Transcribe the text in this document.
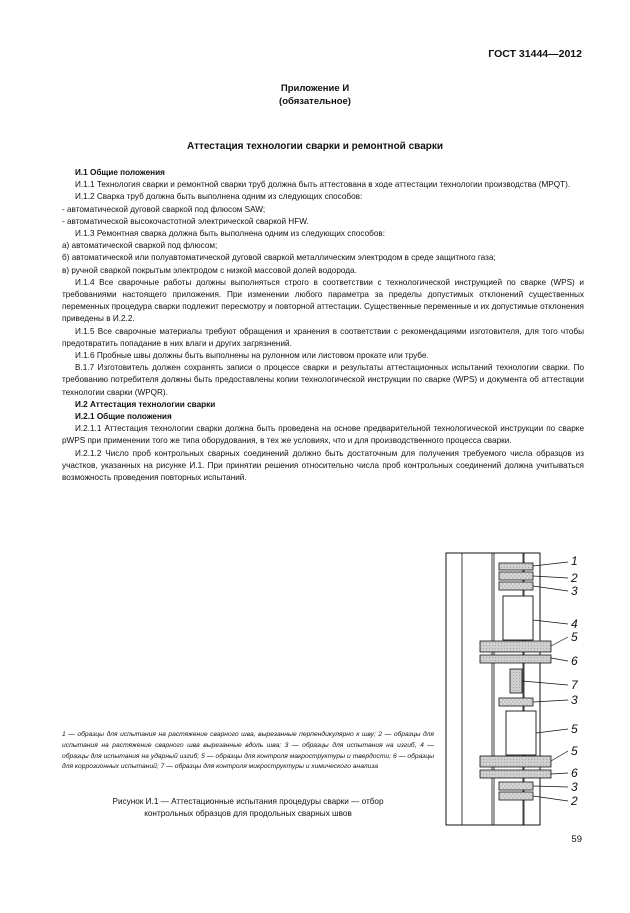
ГОСТ 31444—2012
Приложение И
(обязательное)
Аттестация технологии сварки и ремонтной сварки

И.1 Общие положения

И.1.1 Технология сварки и ремонтной сварки труб должна быть аттестована в ходе аттестации технологии производства (MPQT).

И.1.2 Сварка труб должна быть выполнена одним из следующих способов:

- автоматической дуговой сваркой под флюсом SAW;

- автоматической высокочастотной электрической сваркой HFW.

И.1.3 Ремонтная сварка должна быть выполнена одним из следующих способов:

а) автоматической сваркой под флюсом;

б) автоматической или полуавтоматической дуговой сваркой металлическим электродом в среде защитного газа;

в) ручной сваркой покрытым электродом с низкой массовой долей водорода.

И.1.4 Все сварочные работы должны выполняться строго в соответствии с технологической инструкцией по сварке (WPS) и требованиями настоящего приложения. При изменении любого параметра за пределы допустимых отклонений существенных переменных процедура сварки подлежит пересмотру и повторной аттестации. Существенные переменные и их допустимые отклонения приведены в И.2.2.

И.1.5 Все сварочные материалы требуют обращения и хранения в соответствии с рекомендациями изготовителя, для того чтобы предотвратить попадание в них влаги и других загрязнений.

И.1.6 Пробные швы должны быть выполнены на рулонном или листовом прокате или трубе.

В.1.7 Изготовитель должен сохранять записи о процессе сварки и результаты аттестационных испытаний технологии сварки. По требованию потребителя должны быть предоставлены копии технологической инструкции по сварке (WPS) и документа об аттестации технологии сварки (WPQR).

И.2 Аттестация технологии сварки

И.2.1 Общие положения

И.2.1.1 Аттестация технологии сварки должна быть проведена на основе предварительной технологической инструкции по сварке pWPS при применении того же типа оборудования, в тех же условиях, что и для производственного процесса сварки.

И.2.1.2 Число проб контрольных сварных соединений должно быть достаточным для получения требуемого числа образцов из участков, указанных на рисунке И.1. При принятии решения относительно числа проб контрольных соединений должна учитываться возможность проведения повторных испытаний.

1
2
3
4
5
6
7
3
5
5
6
3
2
1 — образцы для испытания на растяжение сварного шва, вырезанные перпендикулярно к шву; 2 — образцы для испытания на растяжение сварного шва вырезанные вдоль шва; 3 — образцы для испытания на изгиб, 4 — образцы для испытания на ударный изгиб; 5 — образцы для контроля макроструктуры и твердости; 6 — образцы для коррозионных испытаний; 7 — образцы для контроля микроструктуры и химического анализа
Рисунок И.1 — Аттестационные испытания процедуры сварки — отбор
контрольных образцов для продольных сварных швов
59
